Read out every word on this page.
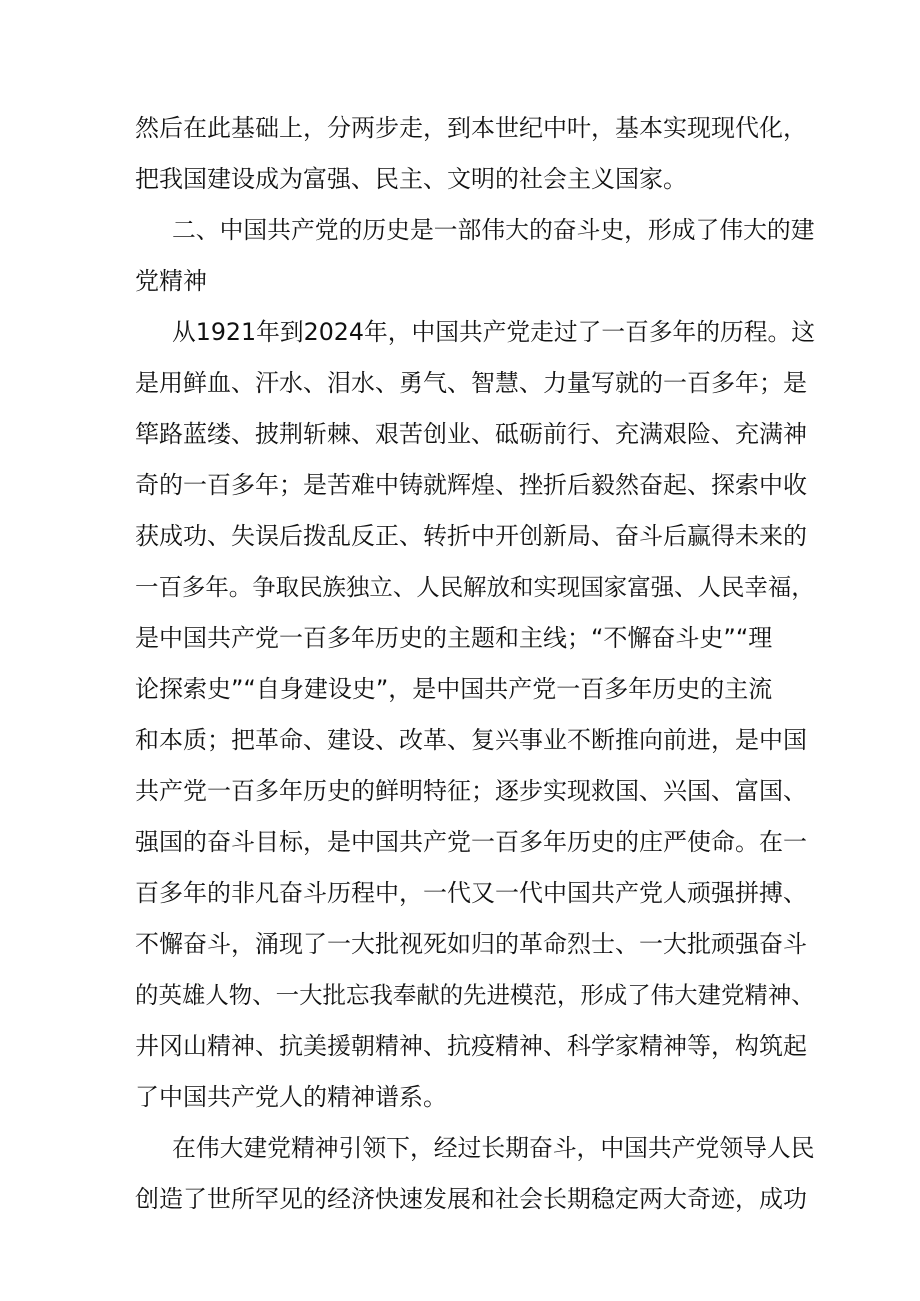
然后在此基础上，分两步走，到本世纪中叶，基本实现现代化，
把我国建设成为富强、民主、文明的社会主义国家。
二、中国共产党的历史是一部伟大的奋斗史，形成了伟大的建
党精神
从1921年到2024年，中国共产党走过了一百多年的历程。这
是用鲜血、汗水、泪水、勇气、智慧、力量写就的一百多年；是
筚路蓝缕、披荆斩棘、艰苦创业、砥砺前行、充满艰险、充满神
奇的一百多年；是苦难中铸就辉煌、挫折后毅然奋起、探索中收
获成功、失误后拨乱反正、转折中开创新局、奋斗后赢得未来的
一百多年。争取民族独立、人民解放和实现国家富强、人民幸福，
是中国共产党一百多年历史的主题和主线；“不懈奋斗史”“理
论探索史”“自身建设史”，是中国共产党一百多年历史的主流
和本质；把革命、建设、改革、复兴事业不断推向前进，是中国
共产党一百多年历史的鲜明特征；逐步实现救国、兴国、富国、
强国的奋斗目标，是中国共产党一百多年历史的庄严使命。在一
百多年的非凡奋斗历程中，一代又一代中国共产党人顽强拼搏、
不懈奋斗，涌现了一大批视死如归的革命烈士、一大批顽强奋斗
的英雄人物、一大批忘我奉献的先进模范，形成了伟大建党精神、
井冈山精神、抗美援朝精神、抗疫精神、科学家精神等，构筑起
了中国共产党人的精神谱系。
在伟大建党精神引领下，经过长期奋斗，中国共产党领导人民
创造了世所罕见的经济快速发展和社会长期稳定两大奇迹，成功
